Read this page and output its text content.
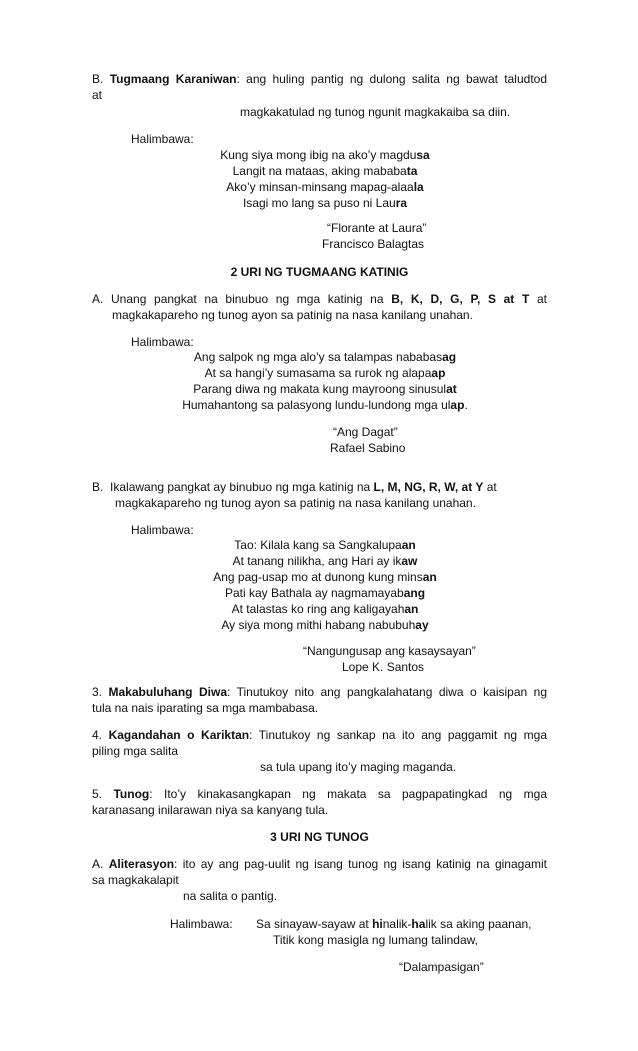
B. Tugmaang Karaniwan: ang huling pantig ng dulong salita ng bawat taludtod
at
magkakatulad ng tunog ngunit magkakaiba sa diin.
Halimbawa:
Kung siya mong ibig na ako’y magdusa
Langit na mataas, aking mababata
Ako’y minsan-minsang mapag-alaala
Isagi mo lang sa puso ni Laura
“Florante at Laura”
Francisco Balagtas
2 URI NG TUGMAANG KATINIG
A. Unang pangkat na binubuo ng mga katinig na B, K, D, G, P, S at T at
magkakapareho ng tunog ayon sa patinig na nasa kanilang unahan.
Halimbawa:
Ang salpok ng mga alo’y sa talampas nababasag
At sa hangi’y sumasama sa rurok ng alapaap
Parang diwa ng makata kung mayroong sinusulat
Humahantong sa palasyong lundu-lundong mga ulap.
“Ang Dagat”
Rafael Sabino
B. Ikalawang pangkat ay binubuo ng mga katinig na L, M, NG, R, W, at Y at
magkakapareho ng tunog ayon sa patinig na nasa kanilang unahan.
Halimbawa:
Tao: Kilala kang sa Sangkalupaan
At tanang nilikha, ang Hari ay ikaw
Ang pag-usap mo at dunong kung minsan
Pati kay Bathala ay nagmamayabang
At talastas ko ring ang kaligayahan
Ay siya mong mithi habang nabubuhay
“Nangungusap ang kasaysayan”
Lope K. Santos
3. Makabuluhang Diwa: Tinutukoy nito ang pangkalahatang diwa o kaisipan ng
tula na nais iparating sa mga mambabasa.
4. Kagandahan o Kariktan: Tinutukoy ng sankap na ito ang paggamit ng mga
piling mga salita
sa tula upang ito’y maging maganda.
5. Tunog: Ito’y kinakasangkapan ng makata sa pagpapatingkad ng mga
karanasang inilarawan niya sa kanyang tula.
3 URI NG TUNOG
A. Aliterasyon: ito ay ang pag-uulit ng isang tunog ng isang katinig na ginagamit
sa magkakalapit
na salita o pantig.
Halimbawa: Sa sinayaw-sayaw at hinalik-halik sa aking paanan,
Titik kong masigla ng lumang talindaw,
“Dalampasigan”
